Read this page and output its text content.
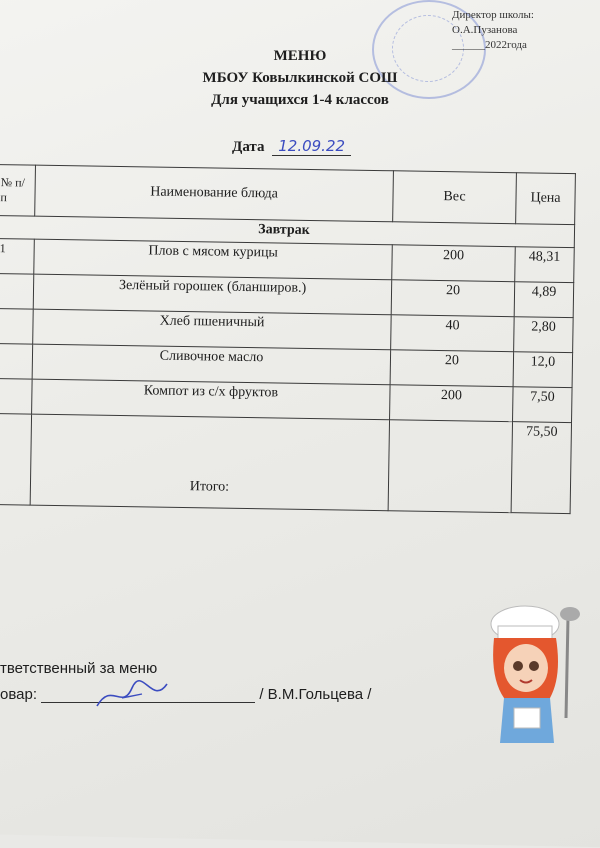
Директор школы:
О.А.Пузанова
______2022года
МЕНЮ
МБОУ Ковылкинской СОШ
Для учащихся 1-4 классов
Дата 12.09.22
№ п/п	Наименование блюда	Вес	Цена
Завтрак			
1	Плов с мясом курицы	200	48,31
	Зелёный горошек (бланширов.)	20	4,89
	Хлеб пшеничный	40	2,80
	Сливочное масло	20	12,0
	Компот из с/х фруктов	200	7,50
	Итого:		75,50
тветственный за меню
овар:	/ В.М.Гольцева /
